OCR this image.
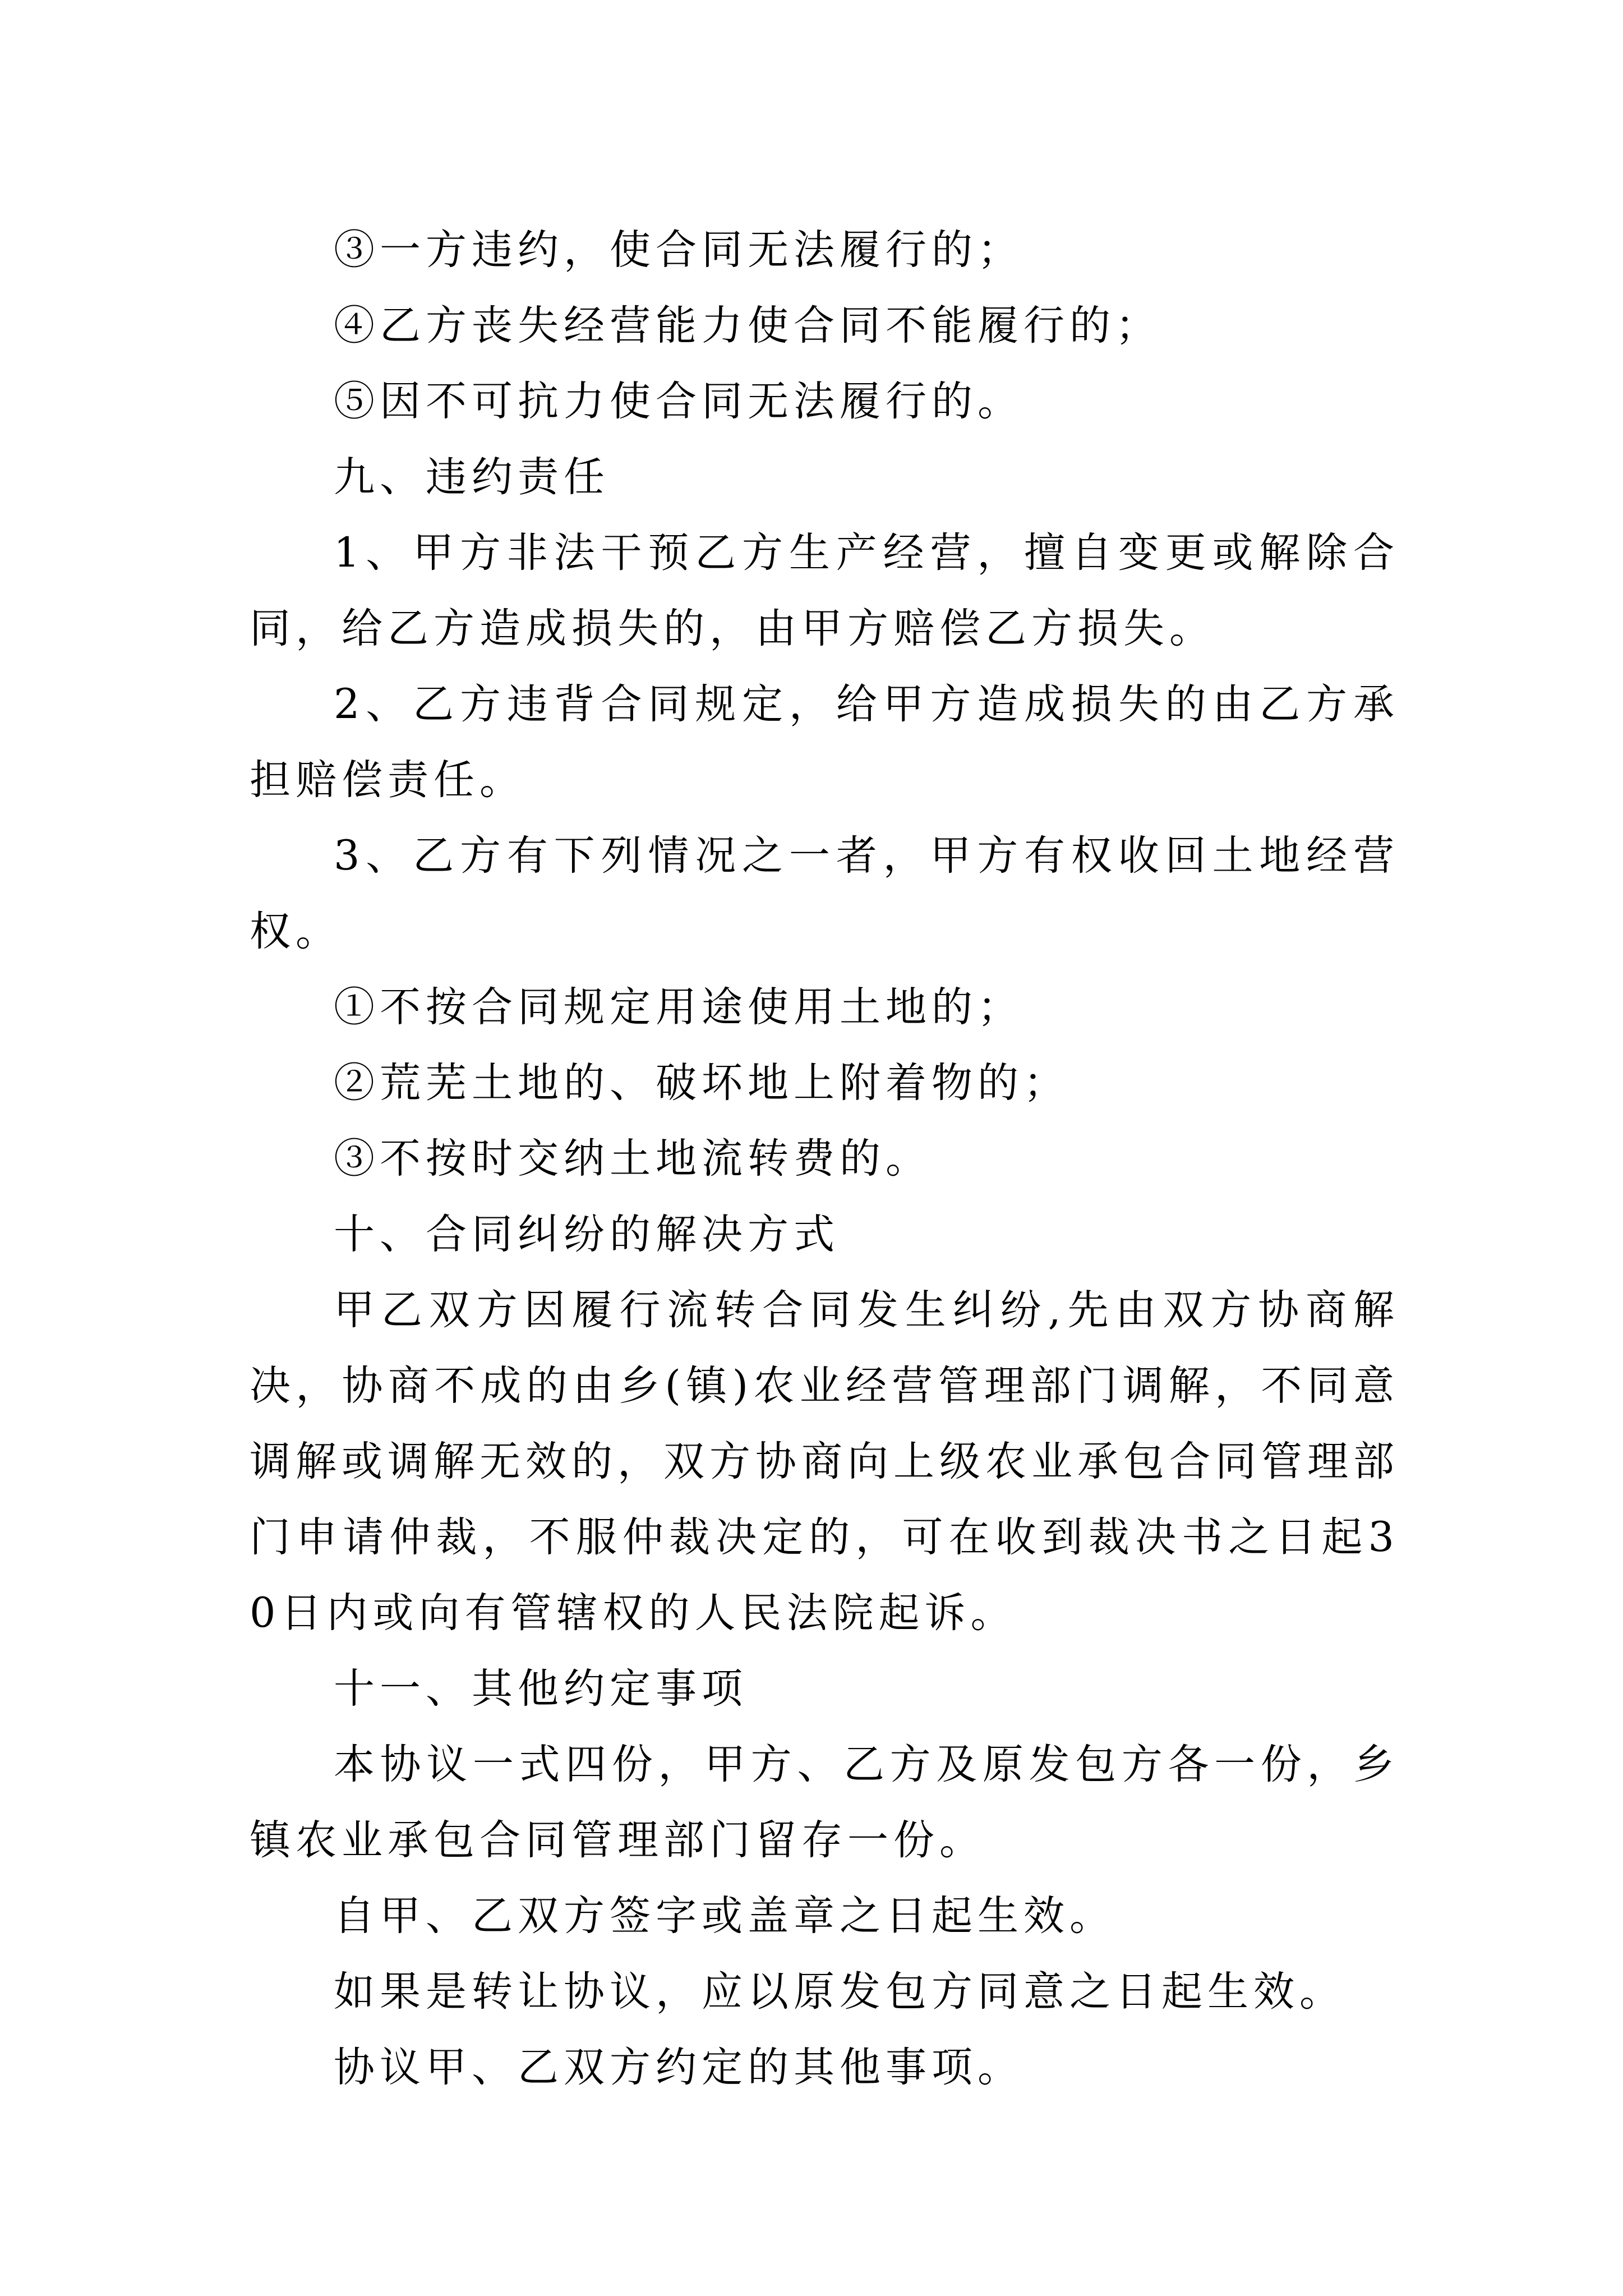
③一方违约，使合同无法履行的；

④乙方丧失经营能力使合同不能履行的；

⑤因不可抗力使合同无法履行的。

九、违约责任

1、甲方非法干预乙方生产经营，擅自变更或解除合同，给乙方造成损失的，由甲方赔偿乙方损失。

2、乙方违背合同规定，给甲方造成损失的由乙方承担赔偿责任。

3、乙方有下列情况之一者，甲方有权收回土地经营权。

①不按合同规定用途使用土地的；

②荒芜土地的、破坏地上附着物的；

③不按时交纳土地流转费的。

十、合同纠纷的解决方式

甲乙双方因履行流转合同发生纠纷,先由双方协商解决，协商不成的由乡(镇)农业经营管理部门调解，不同意调解或调解无效的，双方协商向上级农业承包合同管理部门申请仲裁，不服仲裁决定的，可在收到裁决书之日起30日内或向有管辖权的人民法院起诉。

十一、其他约定事项

本协议一式四份，甲方、乙方及原发包方各一份，乡镇农业承包合同管理部门留存一份。

自甲、乙双方签字或盖章之日起生效。

如果是转让协议，应以原发包方同意之日起生效。

协议甲、乙双方约定的其他事项。
